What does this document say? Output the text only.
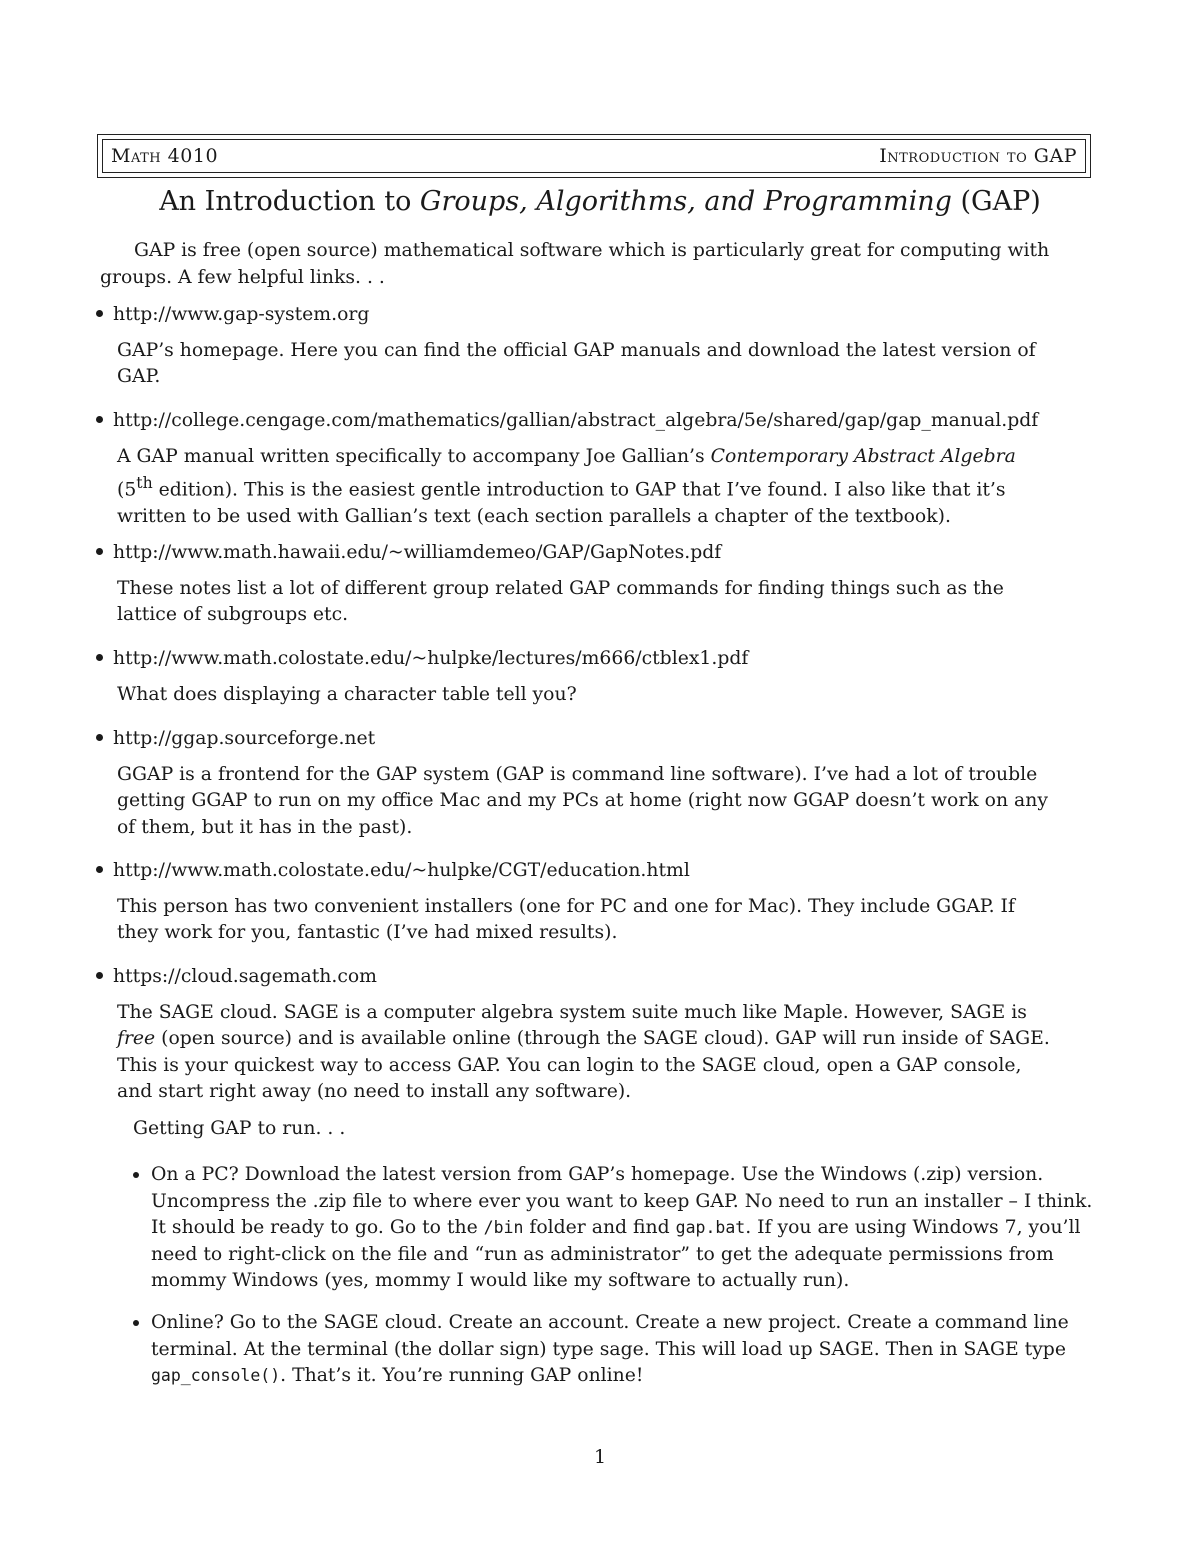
Math 4010	Introduction to GAP
An Introduction to Groups, Algorithms, and Programming (GAP)
GAP is free (open source) mathematical software which is particularly great for computing with groups. A few helpful links. . .
http://www.gap-system.org
GAP’s homepage. Here you can find the official GAP manuals and download the latest version of GAP.
http://college.cengage.com/mathematics/gallian/abstract_algebra/5e/shared/gap/gap_manual.pdf
A GAP manual written specifically to accompany Joe Gallian’s Contemporary Abstract Algebra (5th edition). This is the easiest gentle introduction to GAP that I’ve found. I also like that it’s written to be used with Gallian’s text (each section parallels a chapter of the textbook).
http://www.math.hawaii.edu/~williamdemeo/GAP/GapNotes.pdf
These notes list a lot of different group related GAP commands for finding things such as the lattice of subgroups etc.
http://www.math.colostate.edu/~hulpke/lectures/m666/ctblex1.pdf
What does displaying a character table tell you?
http://ggap.sourceforge.net
GGAP is a frontend for the GAP system (GAP is command line software). I’ve had a lot of trouble getting GGAP to run on my office Mac and my PCs at home (right now GGAP doesn’t work on any of them, but it has in the past).
http://www.math.colostate.edu/~hulpke/CGT/education.html
This person has two convenient installers (one for PC and one for Mac). They include GGAP. If they work for you, fantastic (I’ve had mixed results).
https://cloud.sagemath.com
The SAGE cloud. SAGE is a computer algebra system suite much like Maple. However, SAGE is free (open source) and is available online (through the SAGE cloud). GAP will run inside of SAGE. This is your quickest way to access GAP. You can login to the SAGE cloud, open a GAP console, and start right away (no need to install any software).
Getting GAP to run. . .
On a PC? Download the latest version from GAP’s homepage. Use the Windows (.zip) version. Uncompress the .zip file to where ever you want to keep GAP. No need to run an installer – I think. It should be ready to go. Go to the /bin folder and find gap.bat. If you are using Windows 7, you’ll need to right-click on the file and “run as administrator” to get the adequate permissions from mommy Windows (yes, mommy I would like my software to actually run).
Online? Go to the SAGE cloud. Create an account. Create a new project. Create a command line terminal. At the terminal (the dollar sign) type sage. This will load up SAGE. Then in SAGE type gap_console(). That’s it. You’re running GAP online!
1
